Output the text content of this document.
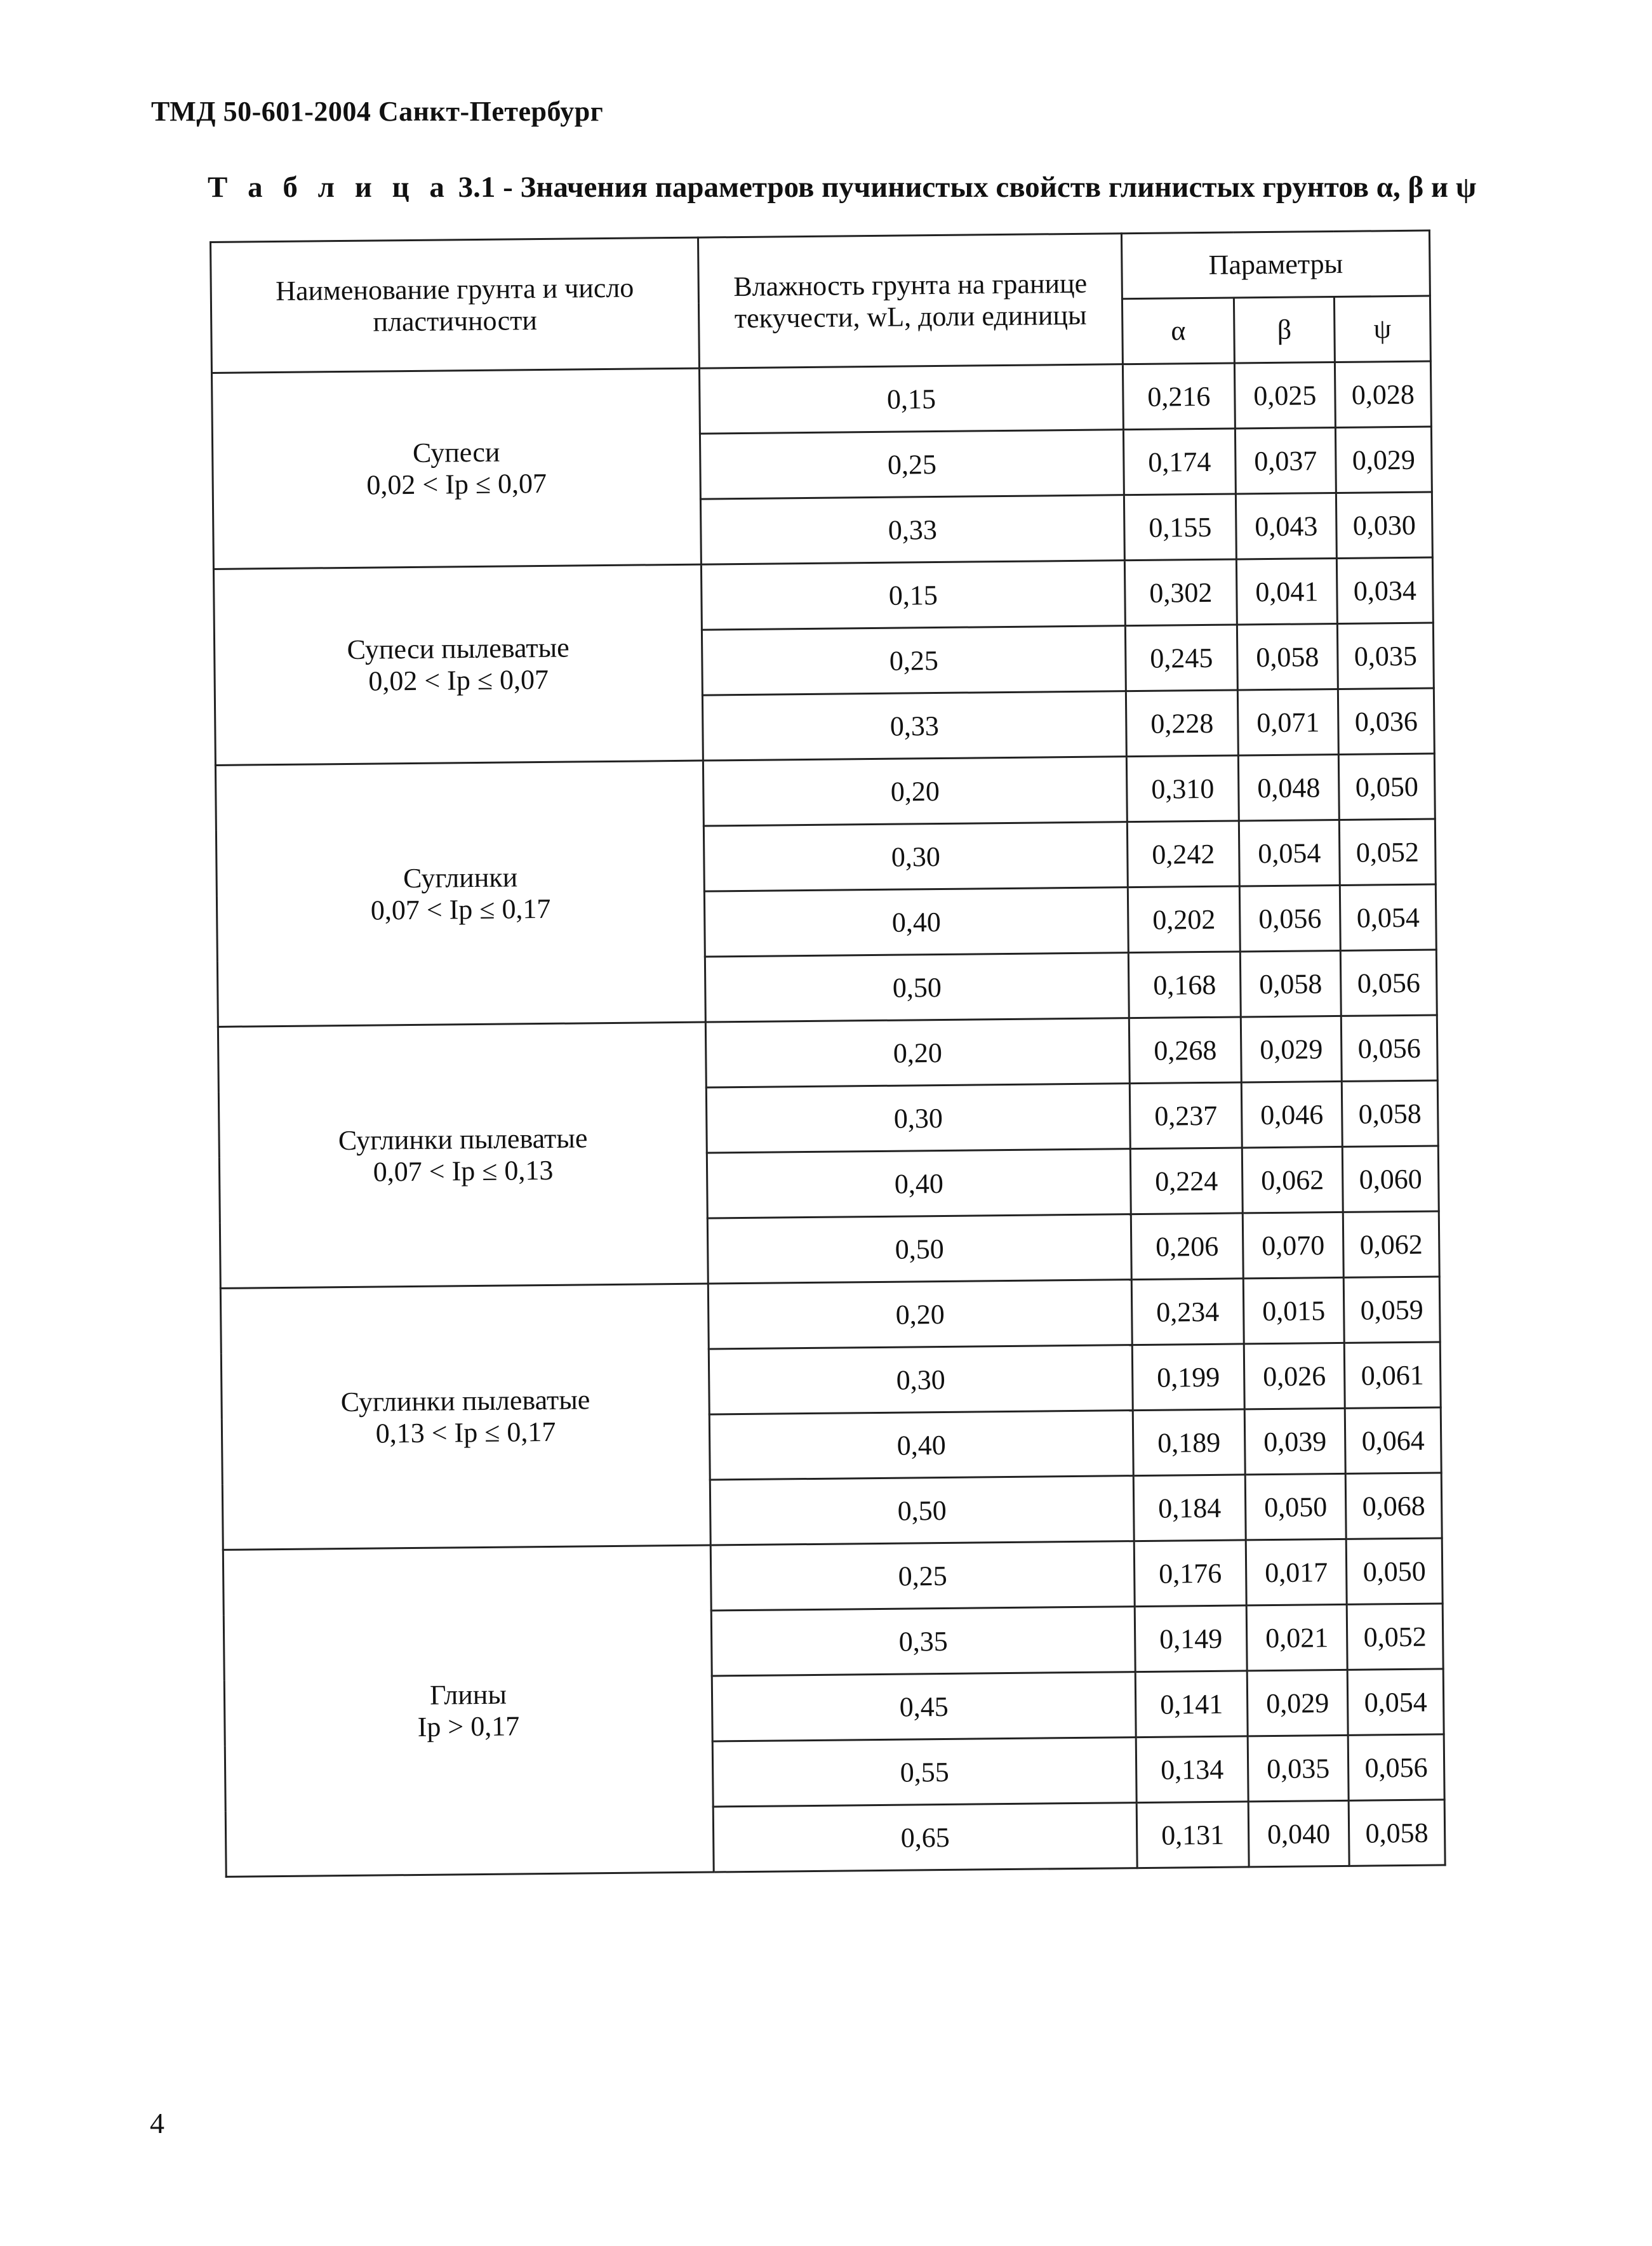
ТМД 50-601-2004 Санкт-Петербург
Т а б л и ц а 3.1 - Значения параметров пучинистых свойств глинистых грунтов α, β и ψ
Наименование грунта и число пластичности	Влажность грунта на границе текучести, wL, доли единицы	Параметры		
		α	β	ψ

Супеси
0,02 < Ip ≤ 0,07	0,15	0,216	0,025	0,028
	0,25	0,174	0,037	0,029
	0,33	0,155	0,043	0,030

Супеси пылеватые
0,02 < Ip ≤ 0,07	0,15	0,302	0,041	0,034
	0,25	0,245	0,058	0,035
	0,33	0,228	0,071	0,036

Суглинки
0,07 < Ip ≤ 0,17	0,20	0,310	0,048	0,050
	0,30	0,242	0,054	0,052
	0,40	0,202	0,056	0,054
	0,50	0,168	0,058	0,056

Суглинки пылеватые
0,07 < Ip ≤ 0,13	0,20	0,268	0,029	0,056
	0,30	0,237	0,046	0,058
	0,40	0,224	0,062	0,060
	0,50	0,206	0,070	0,062

Суглинки пылеватые
0,13 < Ip ≤ 0,17	0,20	0,234	0,015	0,059
	0,30	0,199	0,026	0,061
	0,40	0,189	0,039	0,064
	0,50	0,184	0,050	0,068

Глины
Ip > 0,17	0,25	0,176	0,017	0,050
	0,35	0,149	0,021	0,052
	0,45	0,141	0,029	0,054
	0,55	0,134	0,035	0,056
	0,65	0,131	0,040	0,058
4
